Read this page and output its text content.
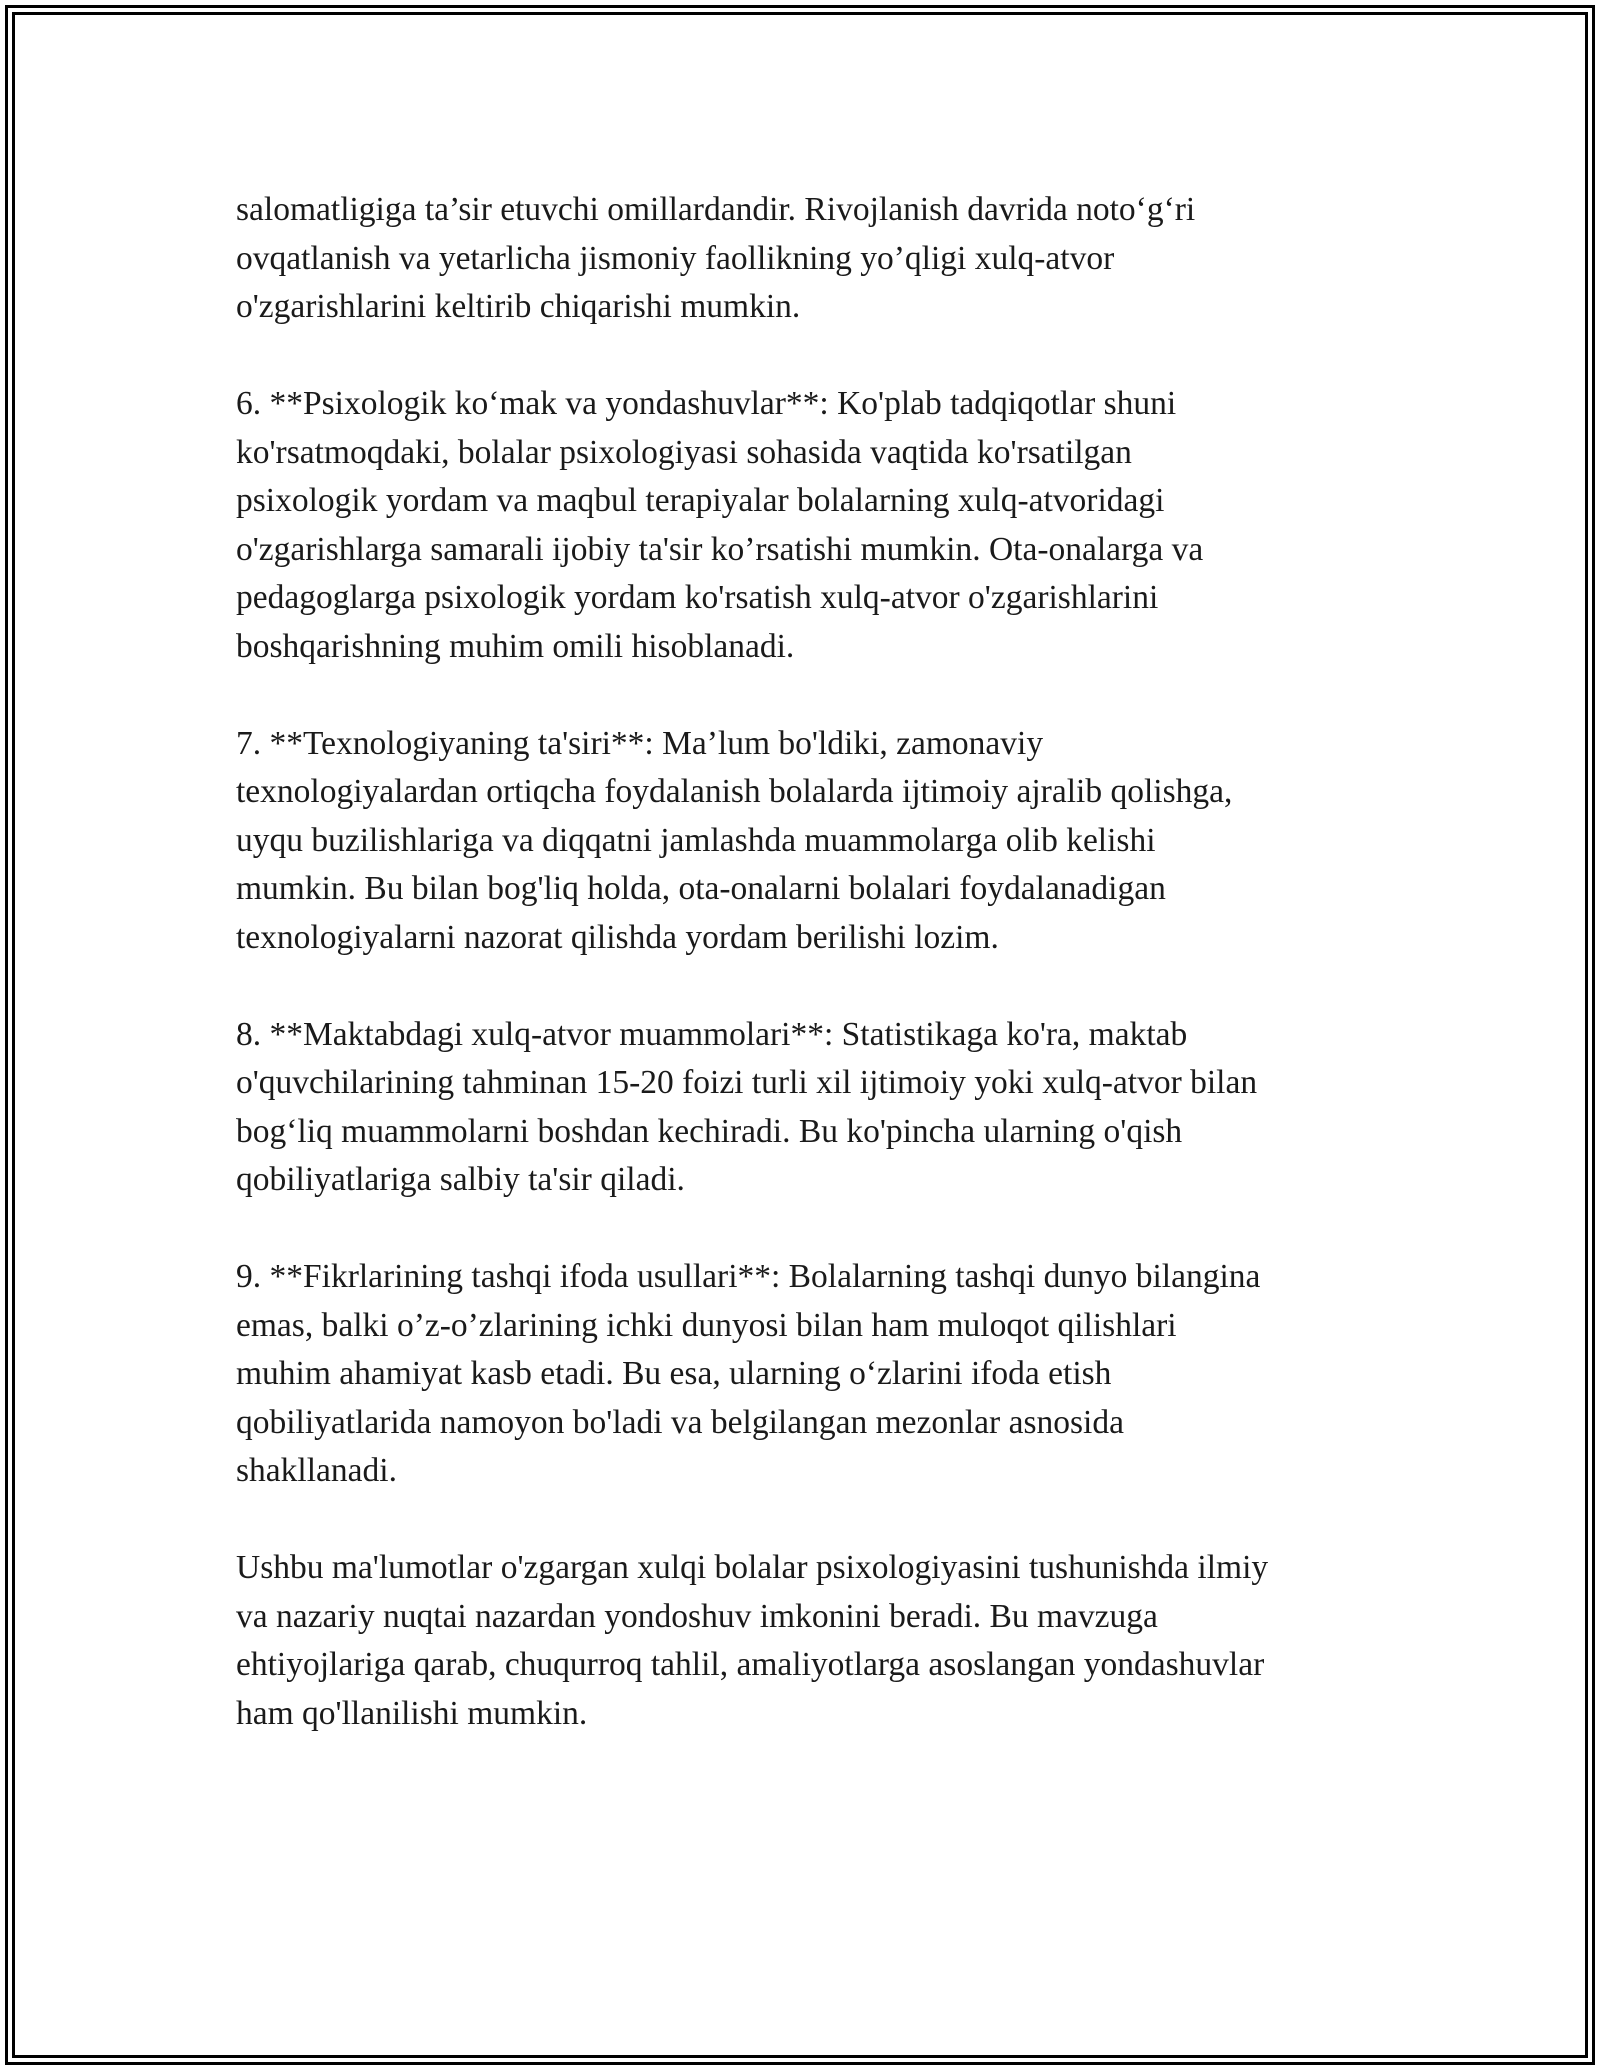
salomatligiga ta’sir etuvchi omillardandir. Rivojlanish davrida noto‘g‘ri
ovqatlanish va yetarlicha jismoniy faollikning yo’qligi xulq-atvor
o'zgarishlarini keltirib chiqarishi mumkin.

6. **Psixologik ko‘mak va yondashuvlar**: Ko'plab tadqiqotlar shuni
ko'rsatmoqdaki, bolalar psixologiyasi sohasida vaqtida ko'rsatilgan
psixologik yordam va maqbul terapiyalar bolalarning xulq-atvoridagi
o'zgarishlarga samarali ijobiy ta'sir ko’rsatishi mumkin. Ota-onalarga va
pedagoglarga psixologik yordam ko'rsatish xulq-atvor o'zgarishlarini
boshqarishning muhim omili hisoblanadi.

7. **Texnologiyaning ta'siri**: Ma’lum bo'ldiki, zamonaviy
texnologiyalardan ortiqcha foydalanish bolalarda ijtimoiy ajralib qolishga,
uyqu buzilishlariga va diqqatni jamlashda muammolarga olib kelishi
mumkin. Bu bilan bog'liq holda, ota-onalarni bolalari foydalanadigan
texnologiyalarni nazorat qilishda yordam berilishi lozim.

8. **Maktabdagi xulq-atvor muammolari**: Statistikaga ko'ra, maktab
o'quvchilarining tahminan 15-20 foizi turli xil ijtimoiy yoki xulq-atvor bilan
bog‘liq muammolarni boshdan kechiradi. Bu ko'pincha ularning o'qish
qobiliyatlariga salbiy ta'sir qiladi.

9. **Fikrlarining tashqi ifoda usullari**: Bolalarning tashqi dunyo bilangina
emas, balki o’z-o’zlarining ichki dunyosi bilan ham muloqot qilishlari
muhim ahamiyat kasb etadi. Bu esa, ularning o‘zlarini ifoda etish
qobiliyatlarida namoyon bo'ladi va belgilangan mezonlar asnosida
shakllanadi.

Ushbu ma'lumotlar o'zgargan xulqi bolalar psixologiyasini tushunishda ilmiy
va nazariy nuqtai nazardan yondoshuv imkonini beradi. Bu mavzuga
ehtiyojlariga qarab, chuqurroq tahlil, amaliyotlarga asoslangan yondashuvlar
ham qo'llanilishi mumkin.
